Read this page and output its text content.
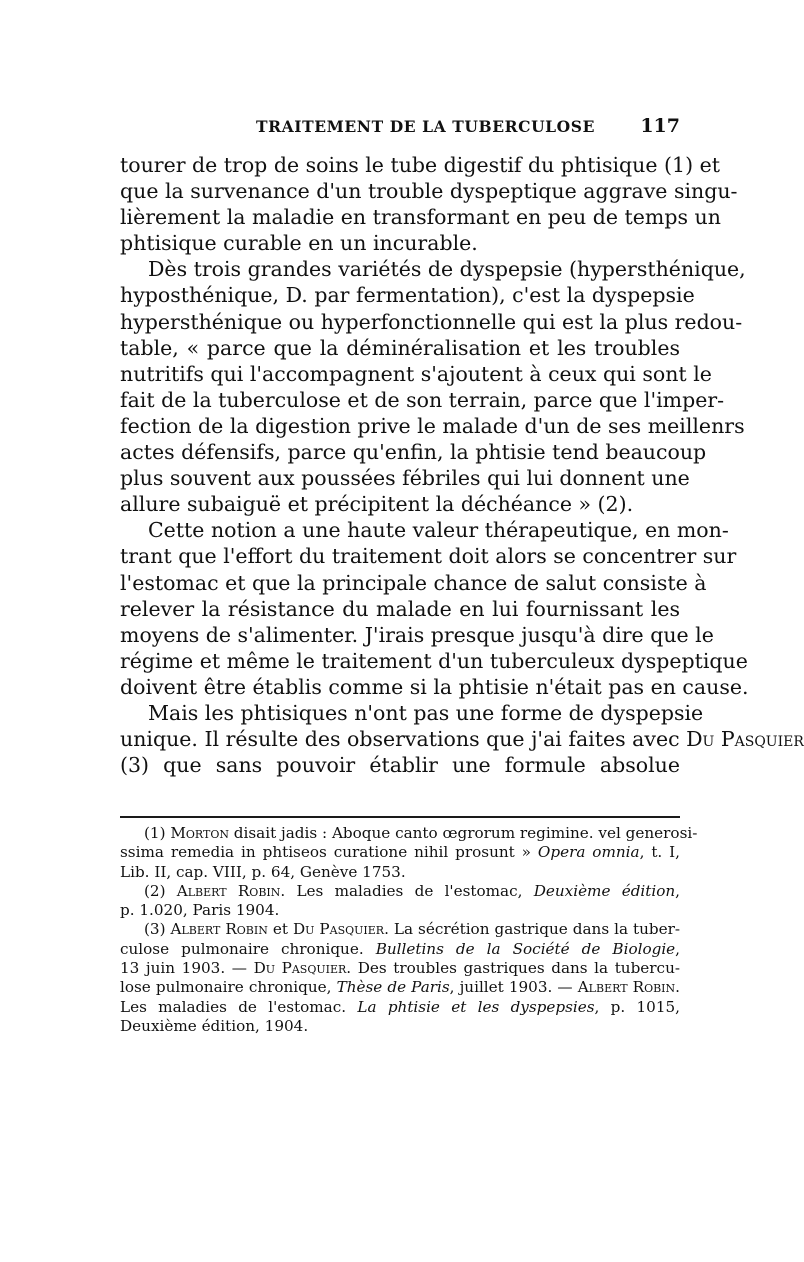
TRAITEMENT DE LA TUBERCULOSE 117
tourer de trop de soins le tube digestif du phtisique (1) et
que la survenance d'un trouble dyspeptique aggrave singu-
lièrement la maladie en transformant en peu de temps un
phtisique curable en un incurable.
Dès trois grandes variétés de dyspepsie (hypersthénique,
hyposthénique, D. par fermentation), c'est la dyspepsie
hypersthénique ou hyperfonctionnelle qui est la plus redou-
table, « parce que la déminéralisation et les troubles
nutritifs qui l'accompagnent s'ajoutent à ceux qui sont le
fait de la tuberculose et de son terrain, parce que l'imper-
fection de la digestion prive le malade d'un de ses meillenrs
actes défensifs, parce qu'enfin, la phtisie tend beaucoup
plus souvent aux poussées fébriles qui lui donnent une
allure subaiguë et précipitent la déchéance » (2).
Cette notion a une haute valeur thérapeutique, en mon-
trant que l'effort du traitement doit alors se concentrer sur
l'estomac et que la principale chance de salut consiste à
relever la résistance du malade en lui fournissant les
moyens de s'alimenter. J'irais presque jusqu'à dire que le
régime et même le traitement d'un tuberculeux dyspeptique
doivent être établis comme si la phtisie n'était pas en cause.
Mais les phtisiques n'ont pas une forme de dyspepsie
unique. Il résulte des observations que j'ai faites avec Du Pasquier
(3) que sans pouvoir établir une formule absolue
(1) Morton disait jadis : Aboque canto œgrorum regimine. vel generosi-
ssima remedia in phtiseos curatione nihil prosunt » Opera omnia, t. I,
Lib. II, cap. VIII, p. 64, Genève 1753.
(2) Albert Robin. Les maladies de l'estomac, Deuxième édition,
p. 1.020, Paris 1904.
(3) Albert Robin et Du Pasquier. La sécrétion gastrique dans la tuber-
culose pulmonaire chronique. Bulletins de la Société de Biologie,
13 juin 1903. — Du Pasquier. Des troubles gastriques dans la tubercu-
lose pulmonaire chronique, Thèse de Paris, juillet 1903. — Albert Robin.
Les maladies de l'estomac. La phtisie et les dyspepsies, p. 1015,
Deuxième édition, 1904.
